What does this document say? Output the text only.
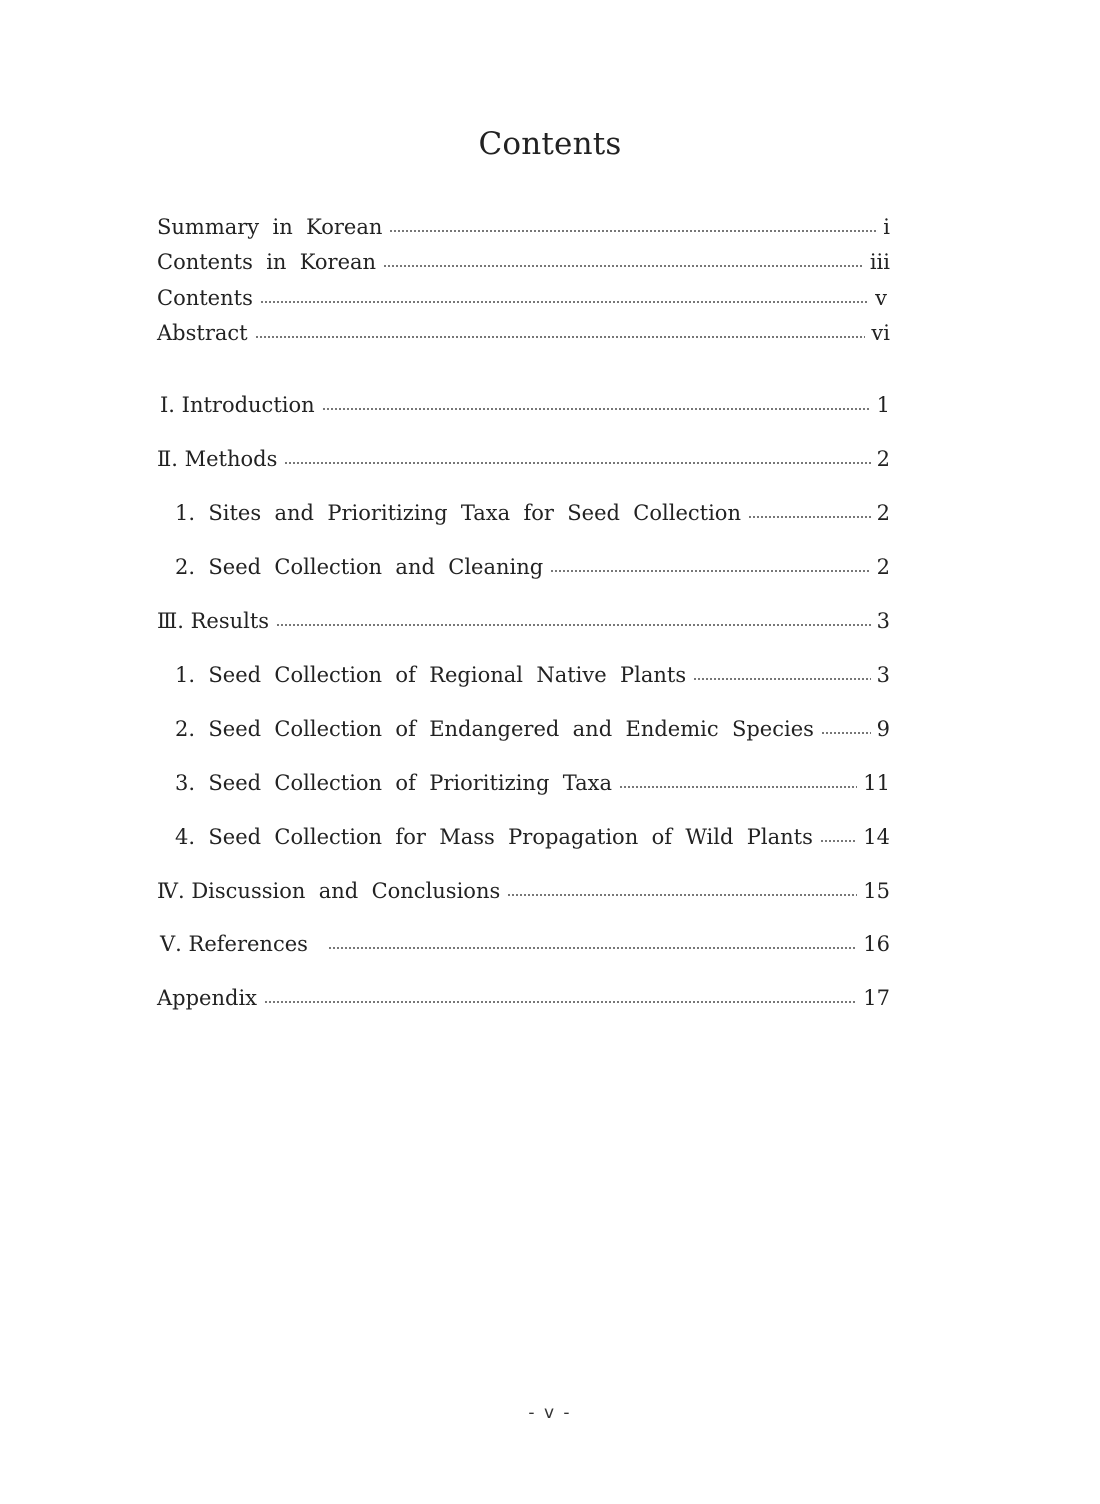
Contents
Summary  in  Korean	i
Contents  in  Korean	iii
Contents	v
Abstract	vi
Ⅰ. Introduction	1
Ⅱ. Methods	2
1.  Sites  and  Prioritizing  Taxa  for  Seed  Collection	2
2.  Seed  Collection  and  Cleaning	2
Ⅲ. Results	3
1.  Seed  Collection  of  Regional  Native  Plants	3
2.  Seed  Collection  of  Endangered  and  Endemic  Species	9
3.  Seed  Collection  of  Prioritizing  Taxa	11
4.  Seed  Collection  for  Mass  Propagation  of  Wild  Plants 14
Ⅳ. Discussion  and  Conclusions	15
Ⅴ. References	16
Appendix	17
- v -
